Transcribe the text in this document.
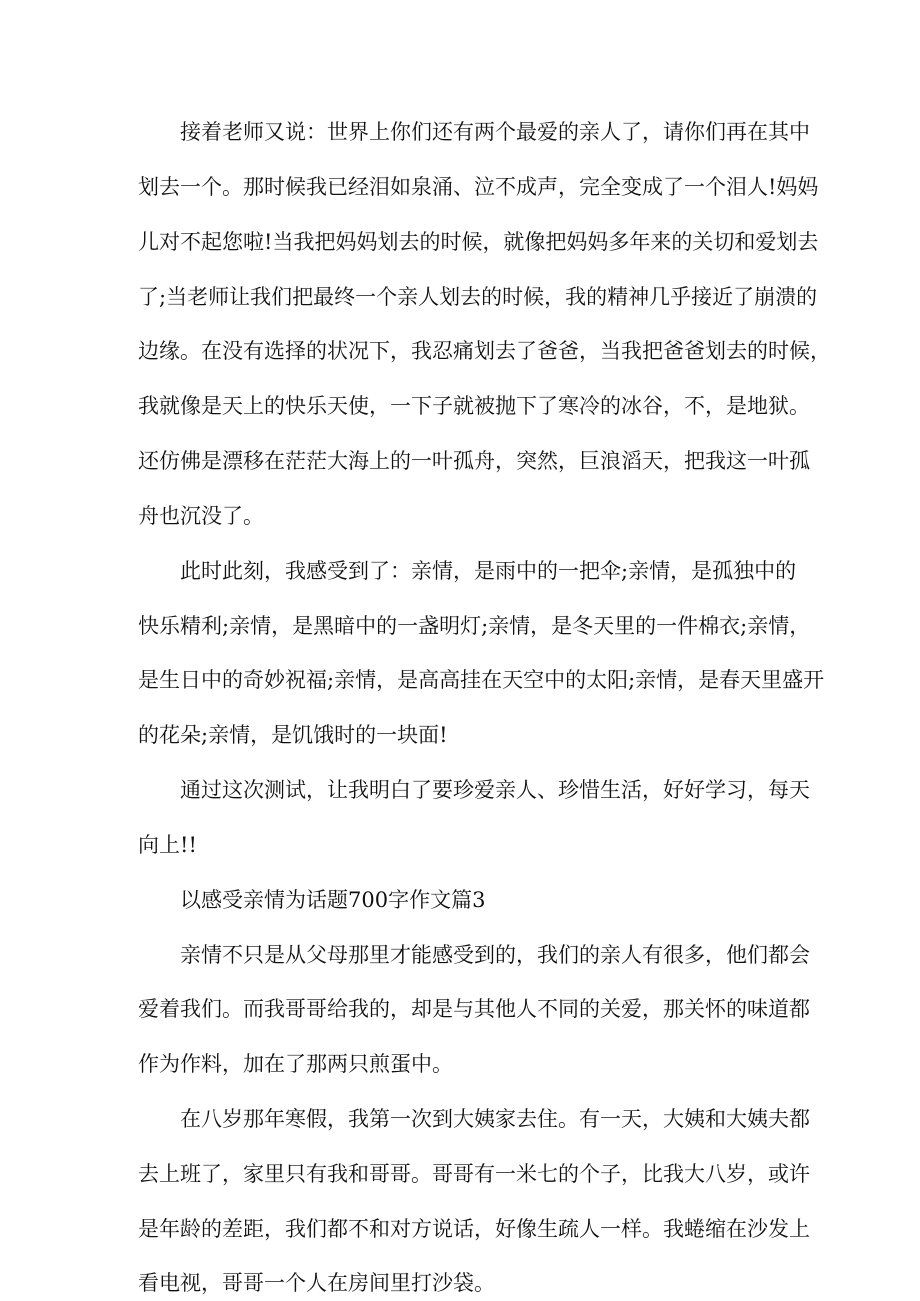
接着老师又说：世界上你们还有两个最爱的亲人了，请你们再在其中
划去一个。那时候我已经泪如泉涌、泣不成声，完全变成了一个泪人!妈妈
儿对不起您啦!当我把妈妈划去的时候，就像把妈妈多年来的关切和爱划去
了;当老师让我们把最终一个亲人划去的时候，我的精神几乎接近了崩溃的
边缘。在没有选择的状况下，我忍痛划去了爸爸，当我把爸爸划去的时候，
我就像是天上的快乐天使，一下子就被抛下了寒冷的冰谷，不，是地狱。
还仿佛是漂移在茫茫大海上的一叶孤舟，突然，巨浪滔天，把我这一叶孤
舟也沉没了。
此时此刻，我感受到了：亲情，是雨中的一把伞;亲情，是孤独中的
快乐精利;亲情，是黑暗中的一盏明灯;亲情，是冬天里的一件棉衣;亲情，
是生日中的奇妙祝福;亲情，是高高挂在天空中的太阳;亲情，是春天里盛开
的花朵;亲情，是饥饿时的一块面!
通过这次测试，让我明白了要珍爱亲人、珍惜生活，好好学习，每天
向上!!
以感受亲情为话题700字作文篇3
亲情不只是从父母那里才能感受到的，我们的亲人有很多，他们都会
爱着我们。而我哥哥给我的，却是与其他人不同的关爱，那关怀的味道都
作为作料，加在了那两只煎蛋中。
在八岁那年寒假，我第一次到大姨家去住。有一天，大姨和大姨夫都
去上班了，家里只有我和哥哥。哥哥有一米七的个子，比我大八岁，或许
是年龄的差距，我们都不和对方说话，好像生疏人一样。我蜷缩在沙发上
看电视，哥哥一个人在房间里打沙袋。
